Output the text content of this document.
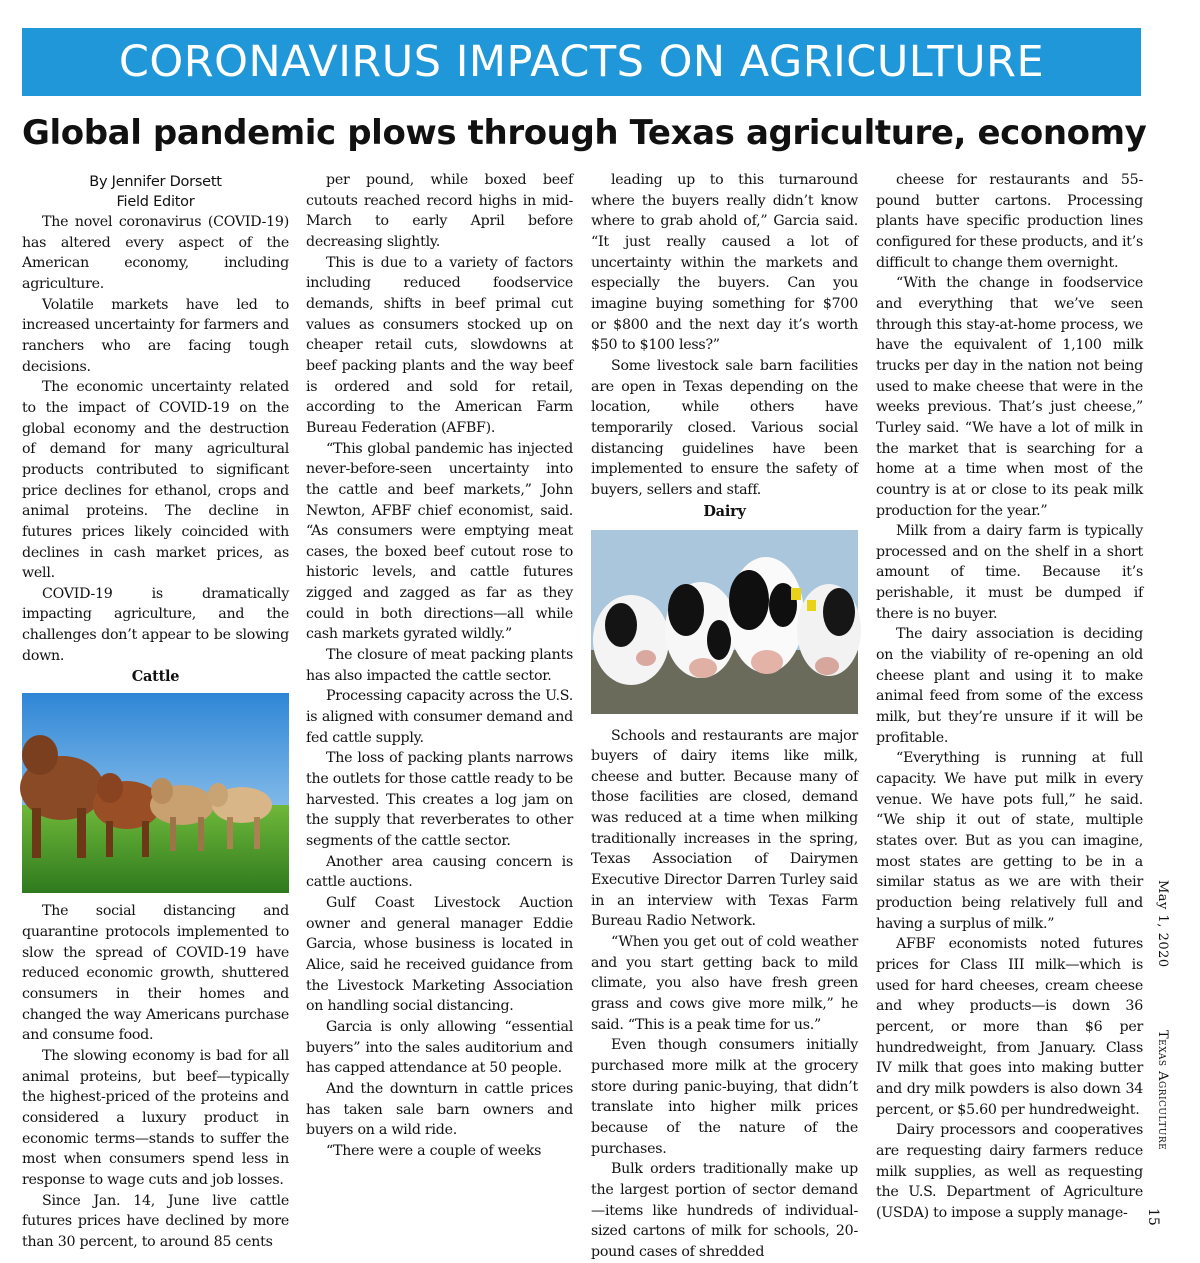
CORONAVIRUS IMPACTS ON AGRICULTURE
Global pandemic plows through Texas agriculture, economy
By Jennifer Dorsett
Field Editor

The novel coronavirus (COVID-19) has altered every aspect of the American economy, including agriculture.

Volatile markets have led to increased uncertainty for farmers and ranchers who are facing tough decisions.

The economic uncertainty related to the impact of COVID-19 on the global economy and the destruction of demand for many agricultural products contributed to significant price declines for ethanol, crops and animal proteins. The decline in futures prices likely coincided with declines in cash market prices, as well.

COVID-19 is dramatically impacting agriculture, and the challenges don’t appear to be slowing down.

Cattle

The social distancing and quarantine protocols implemented to slow the spread of COVID-19 have reduced economic growth, shuttered consumers in their homes and changed the way Americans purchase and consume food.

The slowing economy is bad for all animal proteins, but beef—typically the highest-priced of the proteins and considered a luxury product in economic terms—stands to suffer the most when consumers spend less in response to wage cuts and job losses.

Since Jan. 14, June live cattle futures prices have declined by more than 30 percent, to around 85 cents

per pound, while boxed beef cutouts reached record highs in mid-March to early April before decreasing slightly.

This is due to a variety of factors including reduced foodservice demands, shifts in beef primal cut values as consumers stocked up on cheaper retail cuts, slowdowns at beef packing plants and the way beef is ordered and sold for retail, according to the American Farm Bureau Federation (AFBF).

“This global pandemic has injected never-before-seen uncertainty into the cattle and beef markets,” John Newton, AFBF chief economist, said. “As consumers were emptying meat cases, the boxed beef cutout rose to historic levels, and cattle futures zigged and zagged as far as they could in both directions—all while cash markets gyrated wildly.”

The closure of meat packing plants has also impacted the cattle sector.

Processing capacity across the U.S. is aligned with consumer demand and fed cattle supply.

The loss of packing plants narrows the outlets for those cattle ready to be harvested. This creates a log jam on the supply that reverberates to other segments of the cattle sector.

Another area causing concern is cattle auctions.

Gulf Coast Livestock Auction owner and general manager Eddie Garcia, whose business is located in Alice, said he received guidance from the Livestock Marketing Association on handling social distancing.

Garcia is only allowing “essential buyers” into the sales auditorium and has capped attendance at 50 people.

And the downturn in cattle prices has taken sale barn owners and buyers on a wild ride.

“There were a couple of weeks

leading up to this turnaround where the buyers really didn’t know where to grab ahold of,” Garcia said. “It just really caused a lot of uncertainty within the markets and especially the buyers. Can you imagine buying something for $700 or $800 and the next day it’s worth $50 to $100 less?”

Some livestock sale barn facilities are open in Texas depending on the location, while others have temporarily closed. Various social distancing guidelines have been implemented to ensure the safety of buyers, sellers and staff.

Dairy

Schools and restaurants are major buyers of dairy items like milk, cheese and butter. Because many of those facilities are closed, demand was reduced at a time when milking traditionally increases in the spring, Texas Association of Dairymen Executive Director Darren Turley said in an interview with Texas Farm Bureau Radio Network.

“When you get out of cold weather and you start getting back to mild climate, you also have fresh green grass and cows give more milk,” he said. “This is a peak time for us.”

Even though consumers initially purchased more milk at the grocery store during panic-buying, that didn’t translate into higher milk prices because of the nature of the purchases.

Bulk orders traditionally make up the largest portion of sector demand—items like hundreds of individual-sized cartons of milk for schools, 20-pound cases of shredded

cheese for restaurants and 55-pound butter cartons. Processing plants have specific production lines configured for these products, and it’s difficult to change them overnight.

“With the change in foodservice and everything that we’ve seen through this stay-at-home process, we have the equivalent of 1,100 milk trucks per day in the nation not being used to make cheese that were in the weeks previous. That’s just cheese,” Turley said. “We have a lot of milk in the market that is searching for a home at a time when most of the country is at or close to its peak milk production for the year.”

Milk from a dairy farm is typically processed and on the shelf in a short amount of time. Because it’s perishable, it must be dumped if there is no buyer.

The dairy association is deciding on the viability of re-opening an old cheese plant and using it to make animal feed from some of the excess milk, but they’re unsure if it will be profitable.

“Everything is running at full capacity. We have put milk in every venue. We have pots full,” he said. “We ship it out of state, multiple states over. But as you can imagine, most states are getting to be in a similar status as we are with their production being relatively full and having a surplus of milk.”

AFBF economists noted futures prices for Class III milk—which is used for hard cheeses, cream cheese and whey products—is down 36 percent, or more than $6 per hundredweight, from January. Class IV milk that goes into making butter and dry milk powders is also down 34 percent, or $5.60 per hundredweight.

Dairy processors and cooperatives are requesting dairy farmers reduce milk supplies, as well as requesting the U.S. Department of Agriculture (USDA) to impose a supply manage-

May 1, 2020
Texas Agriculture
15
